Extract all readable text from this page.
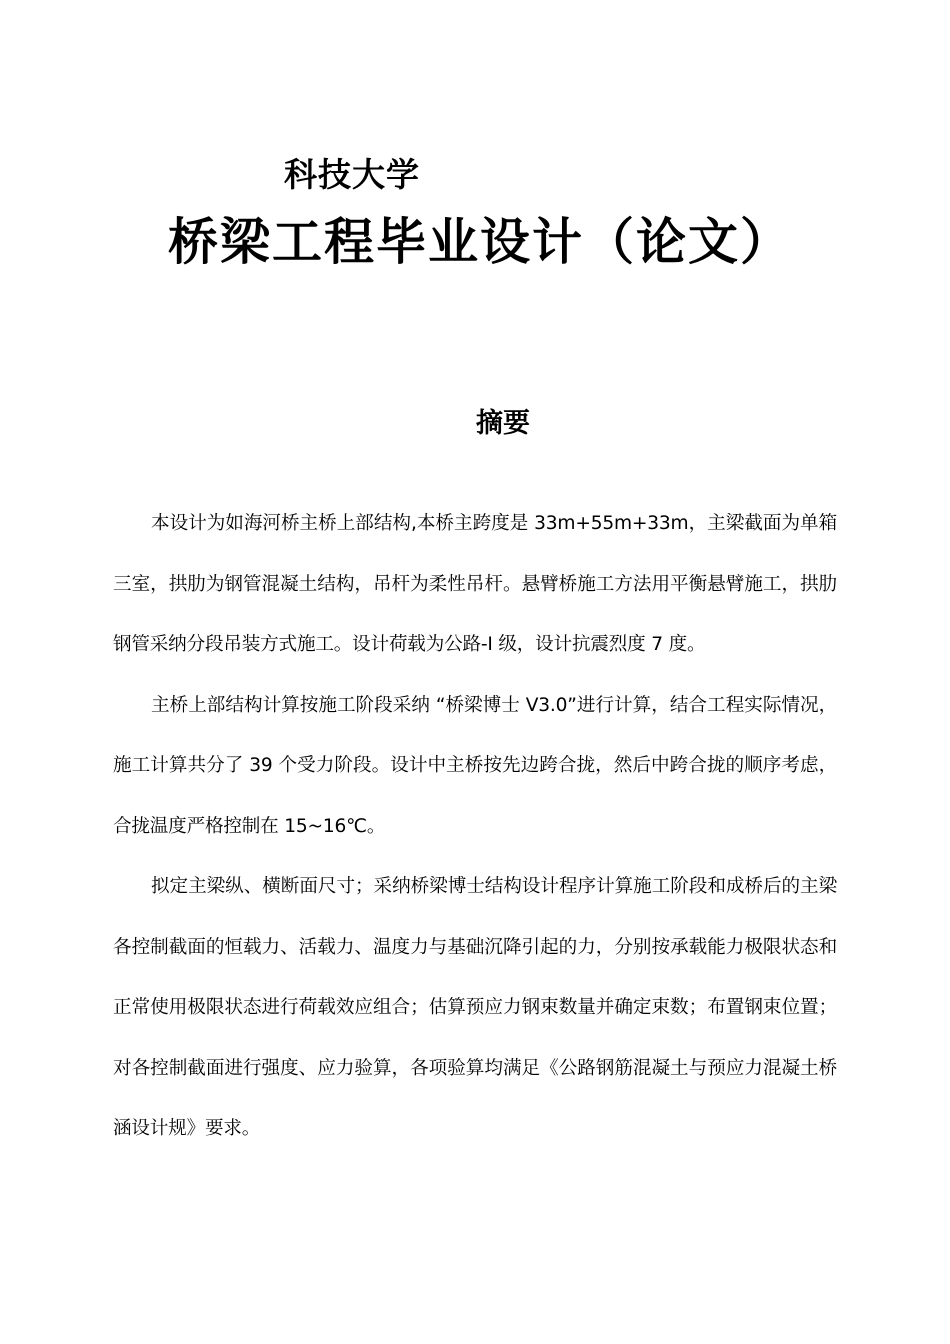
科技大学
桥梁工程毕业设计（论文）
摘要

本设计为如海河桥主桥上部结构,本桥主跨度是 33m+55m+33m，主梁截面为单箱三室，拱肋为钢管混凝土结构，吊杆为柔性吊杆。悬臂桥施工方法用平衡悬臂施工，拱肋钢管采纳分段吊装方式施工。设计荷载为公路-I 级，设计抗震烈度 7 度。

主桥上部结构计算按施工阶段采纳 “桥梁博士 V3.0”进行计算，结合工程实际情况，施工计算共分了 39 个受力阶段。设计中主桥按先边跨合拢，然后中跨合拢的顺序考虑，合拢温度严格控制在 15~16℃。

拟定主梁纵、横断面尺寸；采纳桥梁博士结构设计程序计算施工阶段和成桥后的主梁各控制截面的恒载力、活载力、温度力与基础沉降引起的力，分别按承载能力极限状态和正常使用极限状态进行荷载效应组合；估算预应力钢束数量并确定束数；布置钢束位置；对各控制截面进行强度、应力验算，各项验算均满足《公路钢筋混凝土与预应力混凝土桥涵设计规》要求。
